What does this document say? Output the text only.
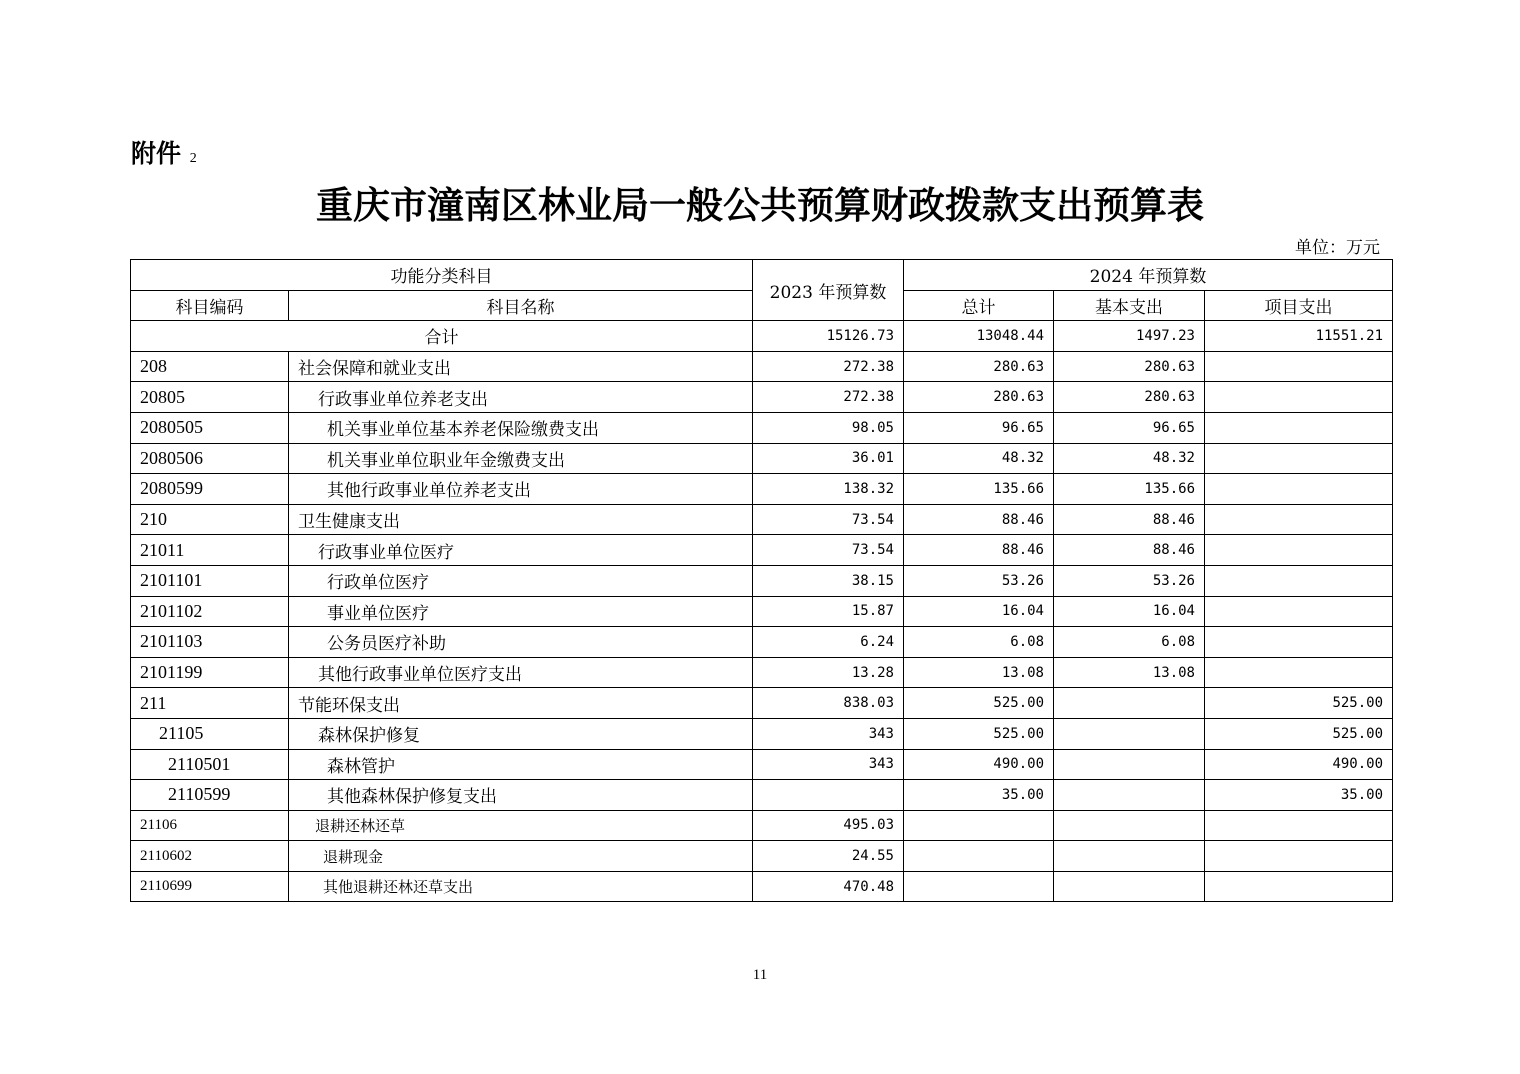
附件 2
重庆市潼南区林业局一般公共预算财政拨款支出预算表
单位：万元
功能分类科目		2023 年预算数	2024 年预算数		
科目编码	科目名称		总计	基本支出	项目支出
合计		15126.73	13048.44	1497.23	11551.21
208	社会保障和就业支出	272.38	280.63	280.63	
20805	行政事业单位养老支出	272.38	280.63	280.63	
2080505	机关事业单位基本养老保险缴费支出	98.05	96.65	96.65	
2080506	机关事业单位职业年金缴费支出	36.01	48.32	48.32	
2080599	其他行政事业单位养老支出	138.32	135.66	135.66	
210	卫生健康支出	73.54	88.46	88.46	
21011	行政事业单位医疗	73.54	88.46	88.46	
2101101	行政单位医疗	38.15	53.26	53.26	
2101102	事业单位医疗	15.87	16.04	16.04	
2101103	公务员医疗补助	6.24	6.08	6.08	
2101199	其他行政事业单位医疗支出	13.28	13.08	13.08	
211	节能环保支出	838.03	525.00		525.00
21105	森林保护修复	343	525.00		525.00
2110501	森林管护	343	490.00		490.00
2110599	其他森林保护修复支出		35.00		35.00
21106	退耕还林还草	495.03			
2110602	退耕现金	24.55			
2110699	其他退耕还林还草支出	470.48			
11
